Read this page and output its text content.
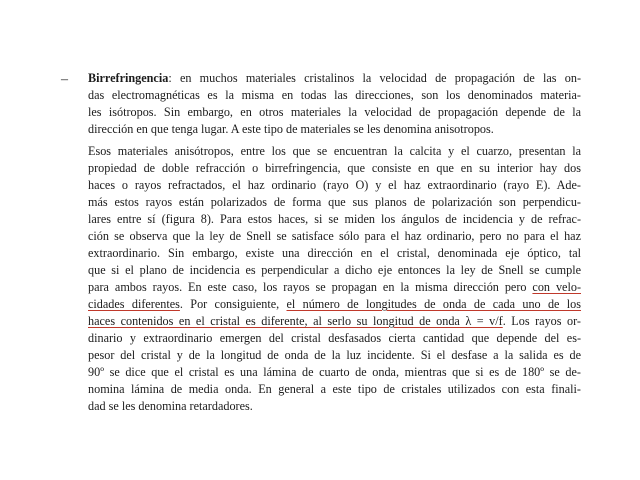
– Birrefringencia: en muchos materiales cristalinos la velocidad de propagación de las on-
das electromagnéticas es la misma en todas las direcciones, son los denominados materia-
les isótropos. Sin embargo, en otros materiales la velocidad de propagación depende de la
dirección en que tenga lugar. A este tipo de materiales se les denomina anisotropos.
Esos materiales anisótropos, entre los que se encuentran la calcita y el cuarzo, presentan la
propiedad de doble refracción o birrefringencia, que consiste en que en su interior hay dos
haces o rayos refractados, el haz ordinario (rayo O) y el haz extraordinario (rayo E). Ade-
más estos rayos están polarizados de forma que sus planos de polarización son perpendicu-
lares entre sí (figura 8). Para estos haces, si se miden los ángulos de incidencia y de refrac-
ción se observa que la ley de Snell se satisface sólo para el haz ordinario, pero no para el haz
extraordinario. Sin embargo, existe una dirección en el cristal, denominada eje óptico, tal
que si el plano de incidencia es perpendicular a dicho eje entonces la ley de Snell se cumple
para ambos rayos. En este caso, los rayos se propagan en la misma dirección pero con velo-
cidades diferentes. Por consiguiente, el número de longitudes de onda de cada uno de los
haces contenidos en el cristal es diferente, al serlo su longitud de onda λ = v/f. Los rayos or-
dinario y extraordinario emergen del cristal desfasados cierta cantidad que depende del es-
pesor del cristal y de la longitud de onda de la luz incidente. Si el desfase a la salida es de
90º se dice que el cristal es una lámina de cuarto de onda, mientras que si es de 180º se de-
nomina lámina de media onda. En general a este tipo de cristales utilizados con esta finali-
dad se les denomina retardadores.
